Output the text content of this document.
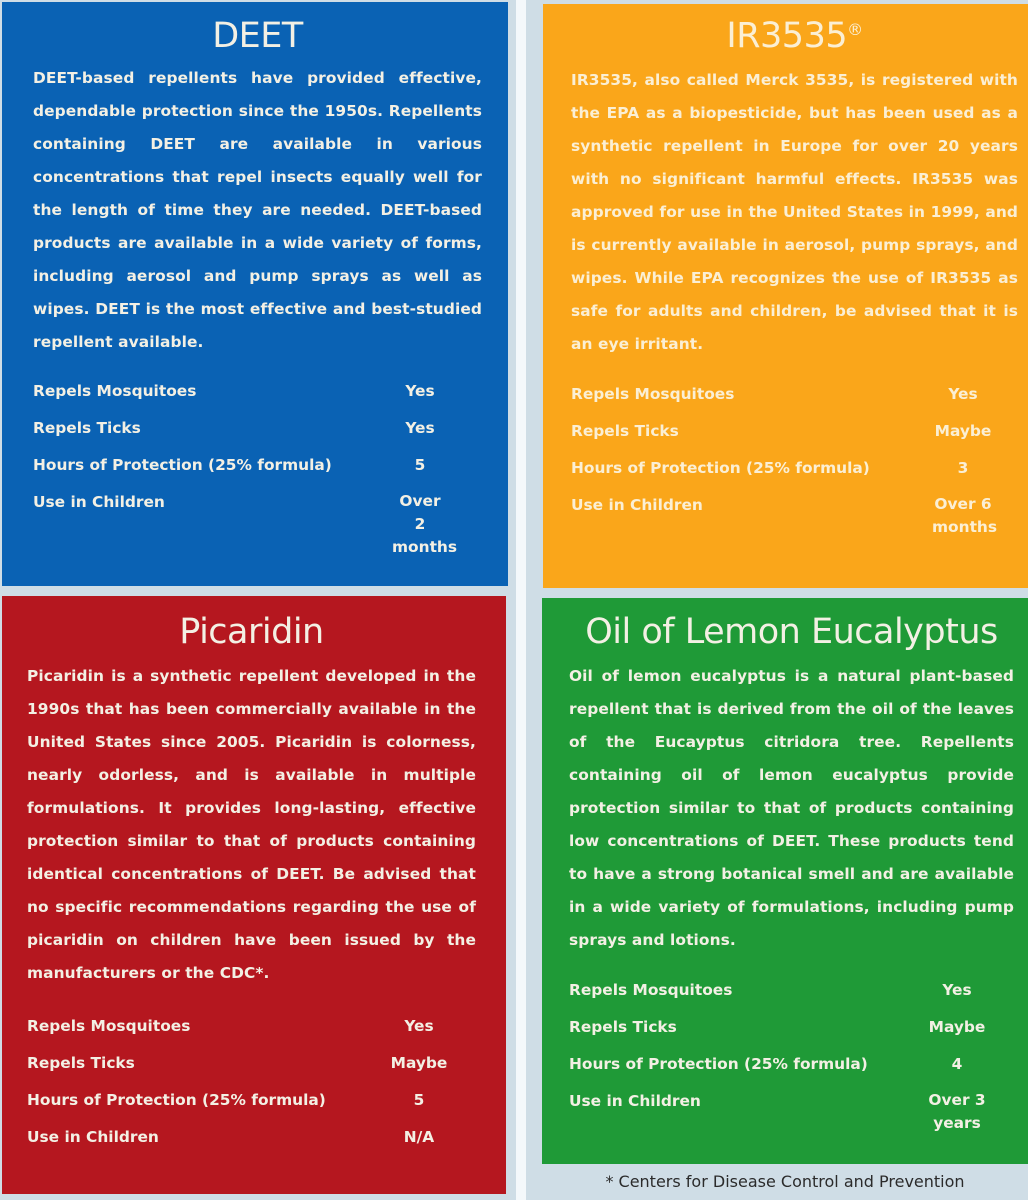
DEET

DEET-based repellents have provided effective, dependable protection since the 1950s. Repellents containing DEET are available in various concentrations that repel insects equally well for the length of time they are needed. DEET-based products are available in a wide variety of forms, including aerosol and pump sprays as well as wipes. DEET is the most effective and best-studied repellent available.

Repels Mosquitoes	Yes
Repels Ticks	Yes
Hours of Protection (25% formula)	5
Use in Children	Over 2 months
IR3535®

IR3535, also called Merck 3535, is registered with the EPA as a biopesticide, but has been used as a synthetic repellent in Europe for over 20 years with no significant harmful effects. IR3535 was approved for use in the United States in 1999, and is currently available in aerosol, pump sprays, and wipes. While EPA recognizes the use of IR3535 as safe for adults and children, be advised that it is an eye irritant.

Repels Mosquitoes	Yes
Repels Ticks	Maybe
Hours of Protection (25% formula)	3
Use in Children	Over 6 months
Picaridin

Picaridin is a synthetic repellent developed in the 1990s that has been commercially available in the United States since 2005. Picaridin is colorness, nearly odorless, and is available in multiple formulations. It provides long-lasting, effective protection similar to that of products containing identical concentrations of DEET. Be advised that no specific recommendations regarding the use of picaridin on children have been issued by the manufacturers or the CDC*.

Repels Mosquitoes	Yes
Repels Ticks	Maybe
Hours of Protection (25% formula)	5
Use in Children	N/A
Oil of Lemon Eucalyptus

Oil of lemon eucalyptus is a natural plant-based repellent that is derived from the oil of the leaves of the Eucayptus citridora tree. Repellents containing oil of lemon eucalyptus provide protection similar to that of products containing low concentrations of DEET. These products tend to have a strong botanical smell and are available in a wide variety of formulations, including pump sprays and lotions.

Repels Mosquitoes	Yes
Repels Ticks	Maybe
Hours of Protection (25% formula)	4
Use in Children	Over 3 years
* Centers for Disease Control and Prevention
